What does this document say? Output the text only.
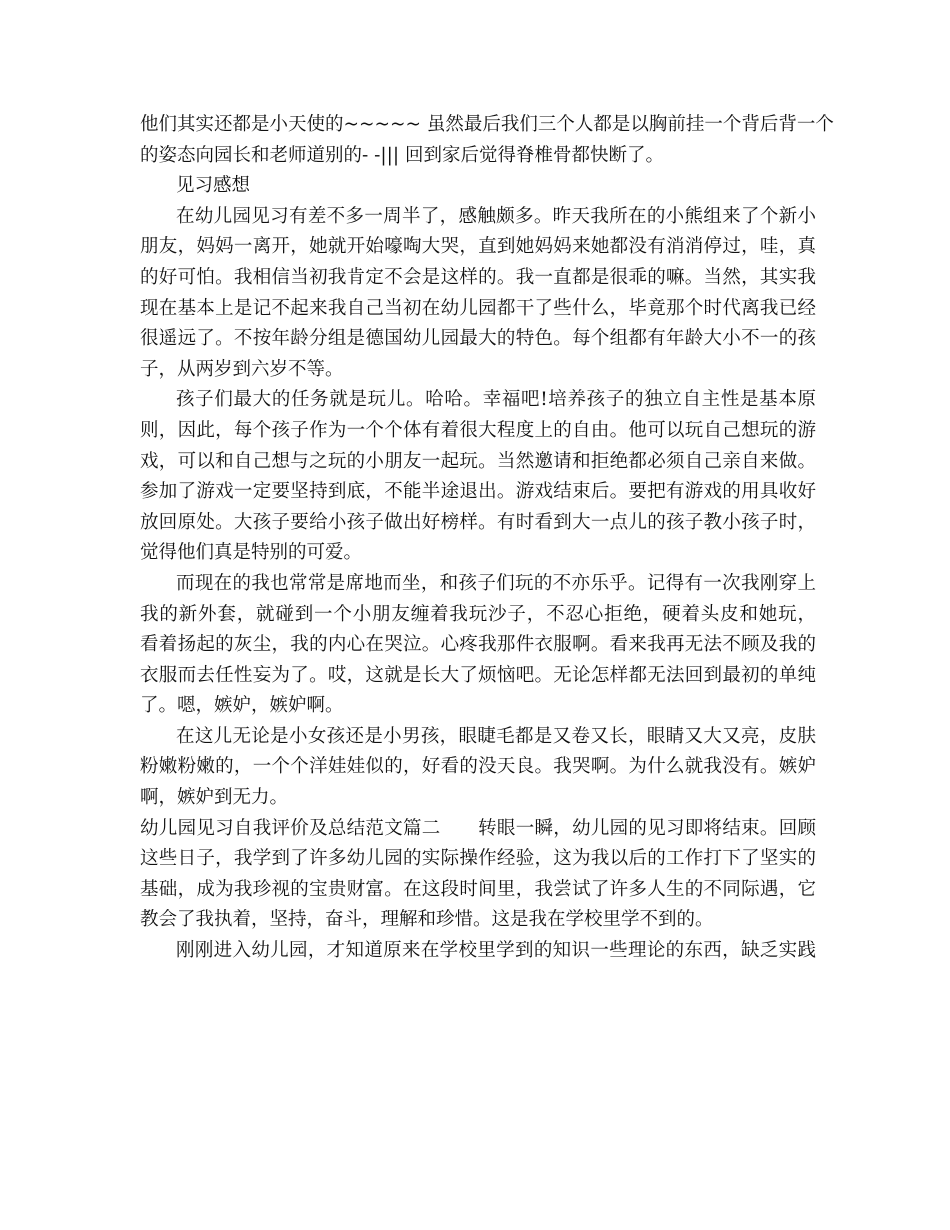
他们其实还都是小天使的~~~~~ 虽然最后我们三个人都是以胸前挂一个背后背一个
的姿态向园长和老师道别的- -||| 回到家后觉得脊椎骨都快断了。
见习感想
在幼儿园见习有差不多一周半了，感触颇多。昨天我所在的小熊组来了个新小
朋友，妈妈一离开，她就开始嚎啕大哭，直到她妈妈来她都没有消消停过，哇，真
的好可怕。我相信当初我肯定不会是这样的。我一直都是很乖的嘛。当然，其实我
现在基本上是记不起来我自己当初在幼儿园都干了些什么，毕竟那个时代离我已经
很遥远了。不按年龄分组是德国幼儿园最大的特色。每个组都有年龄大小不一的孩
子，从两岁到六岁不等。
孩子们最大的任务就是玩儿。哈哈。幸福吧!培养孩子的独立自主性是基本原
则，因此，每个孩子作为一个个体有着很大程度上的自由。他可以玩自己想玩的游
戏，可以和自己想与之玩的小朋友一起玩。当然邀请和拒绝都必须自己亲自来做。
参加了游戏一定要坚持到底，不能半途退出。游戏结束后。要把有游戏的用具收好
放回原处。大孩子要给小孩子做出好榜样。有时看到大一点儿的孩子教小孩子时，
觉得他们真是特别的可爱。
而现在的我也常常是席地而坐，和孩子们玩的不亦乐乎。记得有一次我刚穿上
我的新外套，就碰到一个小朋友缠着我玩沙子，不忍心拒绝，硬着头皮和她玩，
看着扬起的灰尘，我的内心在哭泣。心疼我那件衣服啊。看来我再无法不顾及我的
衣服而去任性妄为了。哎，这就是长大了烦恼吧。无论怎样都无法回到最初的单纯
了。嗯，嫉妒，嫉妒啊。
在这儿无论是小女孩还是小男孩，眼睫毛都是又卷又长，眼睛又大又亮，皮肤
粉嫩粉嫩的，一个个洋娃娃似的，好看的没天良。我哭啊。为什么就我没有。嫉妒
啊，嫉妒到无力。
幼儿园见习自我评价及总结范文篇二　　转眼一瞬，幼儿园的见习即将结束。回顾
这些日子，我学到了许多幼儿园的实际操作经验，这为我以后的工作打下了坚实的
基础，成为我珍视的宝贵财富。在这段时间里，我尝试了许多人生的不同际遇，它
教会了我执着，坚持，奋斗，理解和珍惜。这是我在学校里学不到的。
刚刚进入幼儿园，才知道原来在学校里学到的知识一些理论的东西，缺乏实践
